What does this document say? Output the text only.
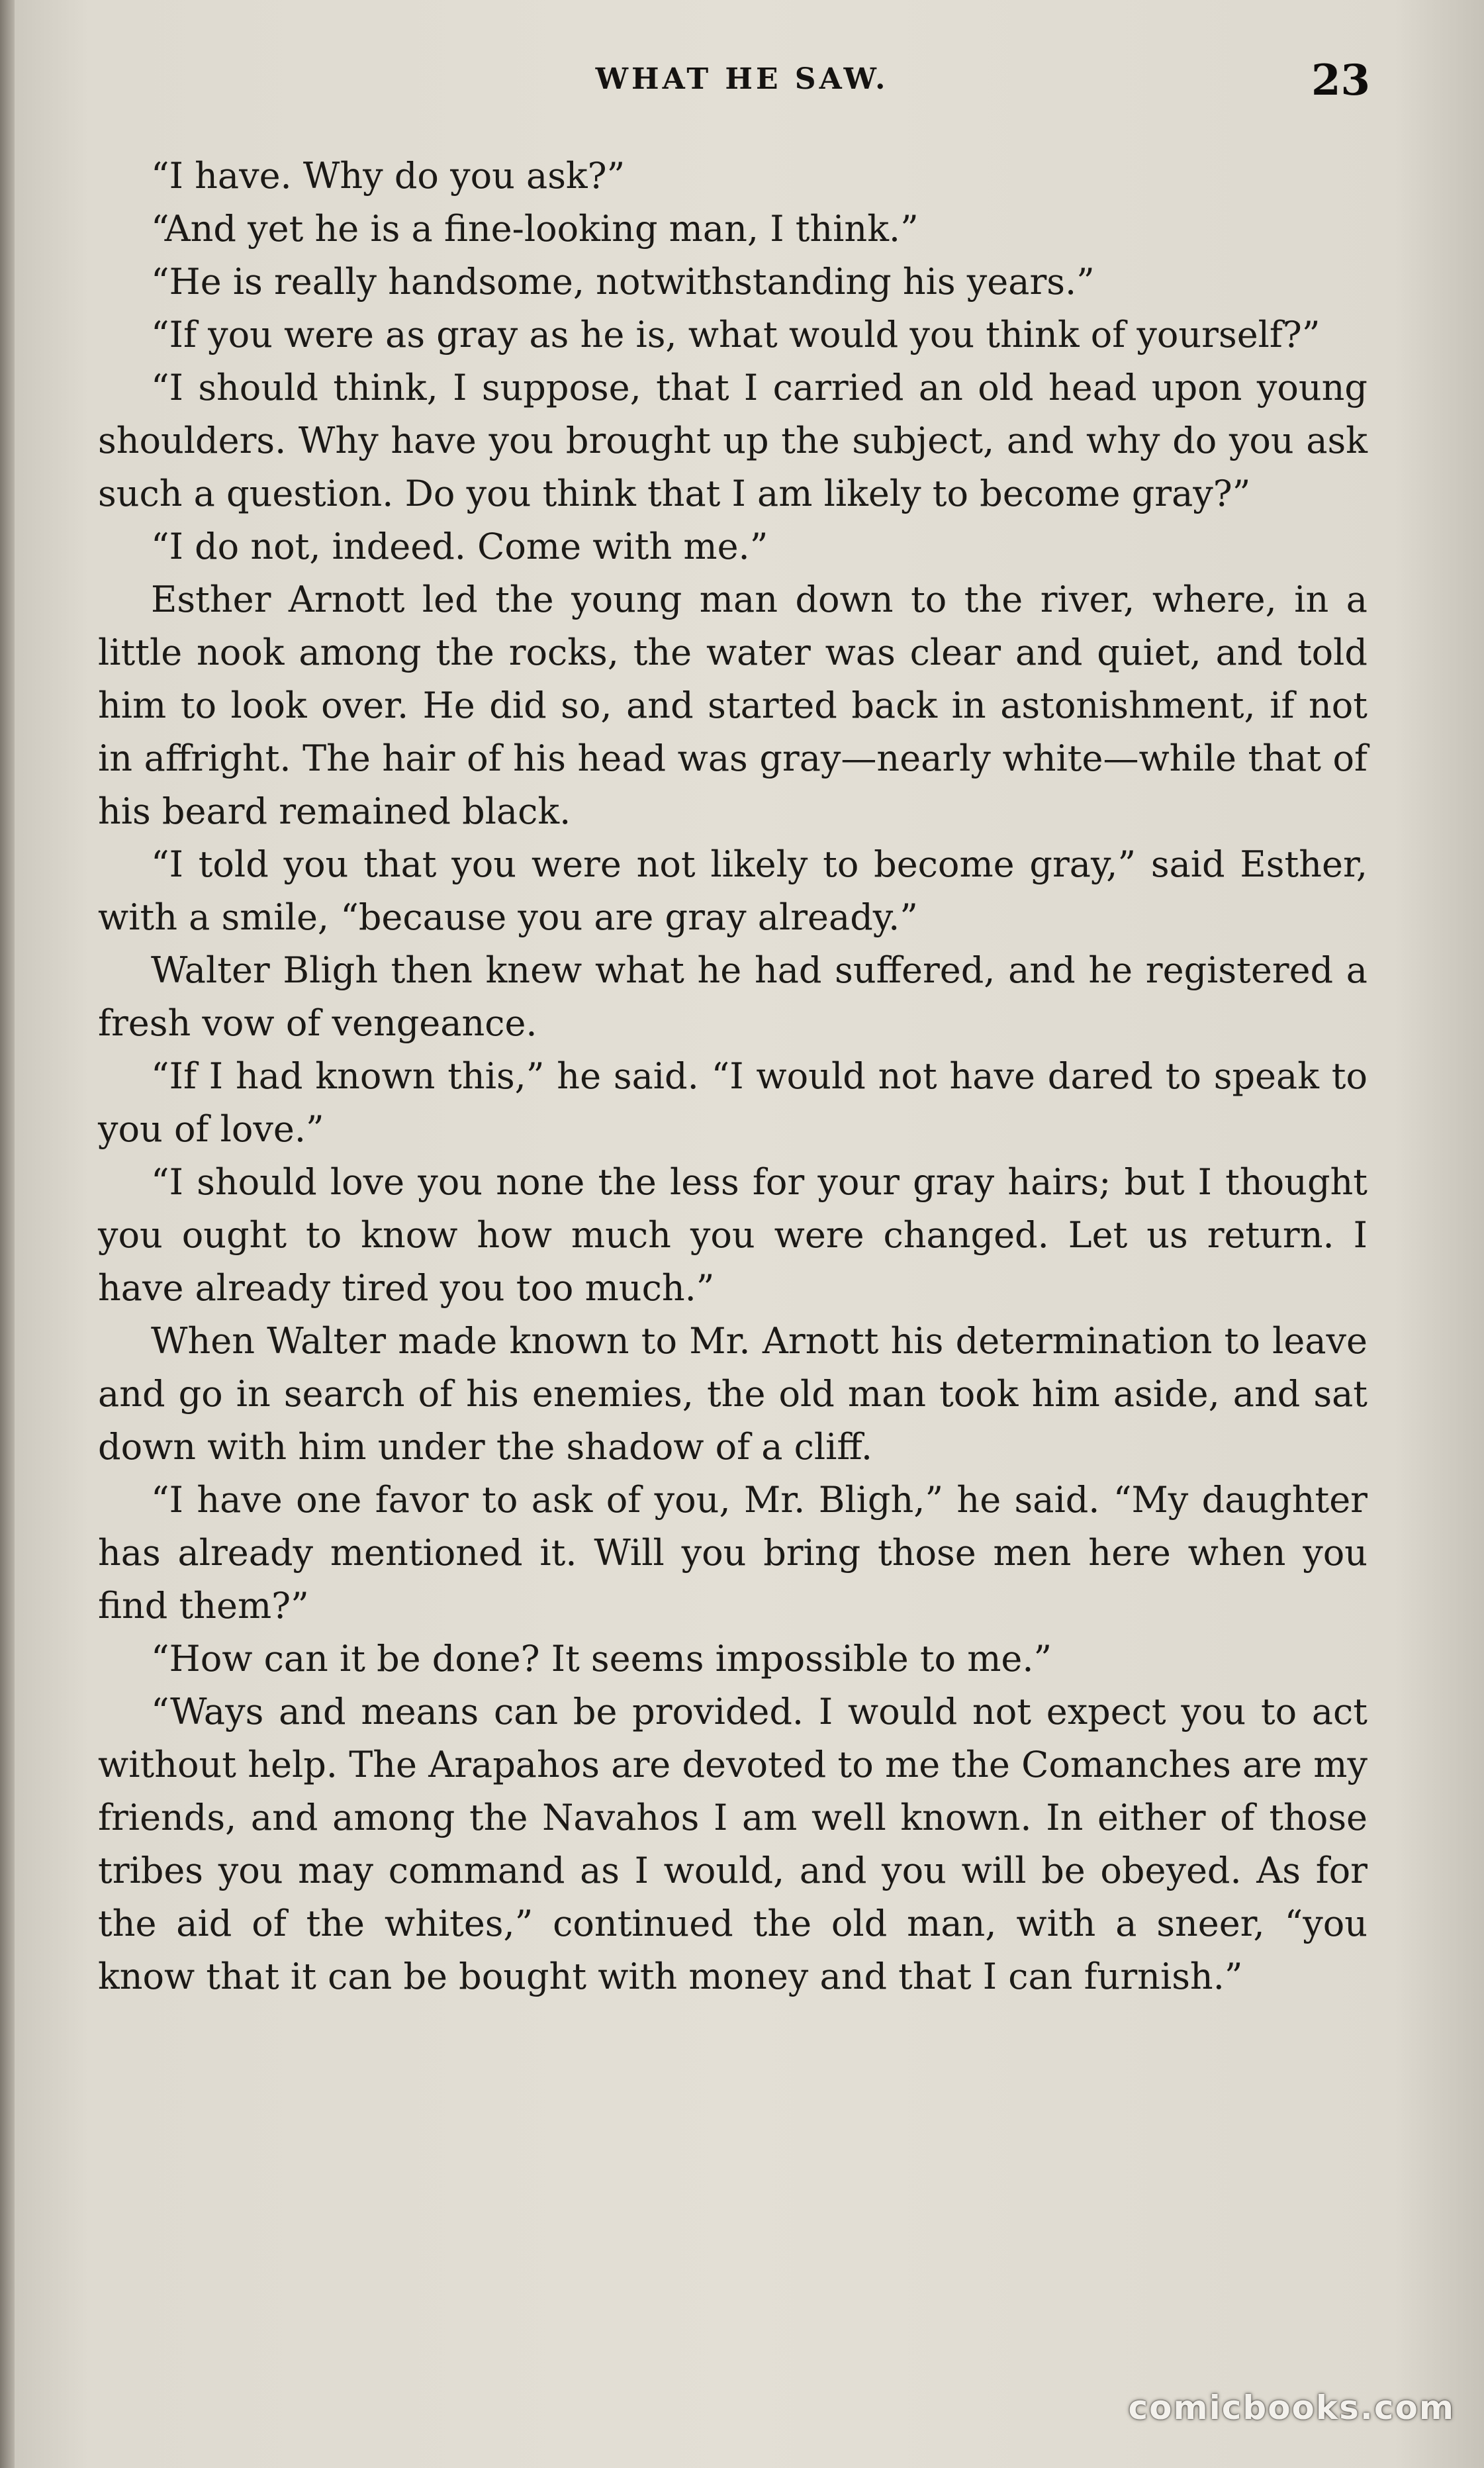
WHAT HE SAW.	23

“I have. Why do you ask?”

“And yet he is a fine-looking man, I think.”

“He is really handsome, notwithstanding his years.”

“If you were as gray as he is, what would you think of yourself?”

“I should think, I suppose, that I carried an old head upon young shoulders. Why have you brought up the subject, and why do you ask such a question. Do you think that I am likely to become gray?”

“I do not, indeed. Come with me.”

Esther Arnott led the young man down to the river, where, in a little nook among the rocks, the water was clear and quiet, and told him to look over. He did so, and started back in astonishment, if not in affright. The hair of his head was gray—nearly white—while that of his beard remained black.

“I told you that you were not likely to become gray,” said Esther, with a smile, “because you are gray already.”

Walter Bligh then knew what he had suffered, and he registered a fresh vow of vengeance.

“If I had known this,” he said. “I would not have dared to speak to you of love.”

“I should love you none the less for your gray hairs; but I thought you ought to know how much you were changed. Let us return. I have already tired you too much.”

When Walter made known to Mr. Arnott his determination to leave and go in search of his enemies, the old man took him aside, and sat down with him under the shadow of a cliff.

“I have one favor to ask of you, Mr. Bligh,” he said. “My daughter has already mentioned it. Will you bring those men here when you find them?”

“How can it be done? It seems impossible to me.”

“Ways and means can be provided. I would not expect you to act without help. The Arapahos are devoted to me the Comanches are my friends, and among the Navahos I am well known. In either of those tribes you may command as I would, and you will be obeyed. As for the aid of the whites,” continued the old man, with a sneer, “you know that it can be bought with money and that I can furnish.”

comicbooks.com
